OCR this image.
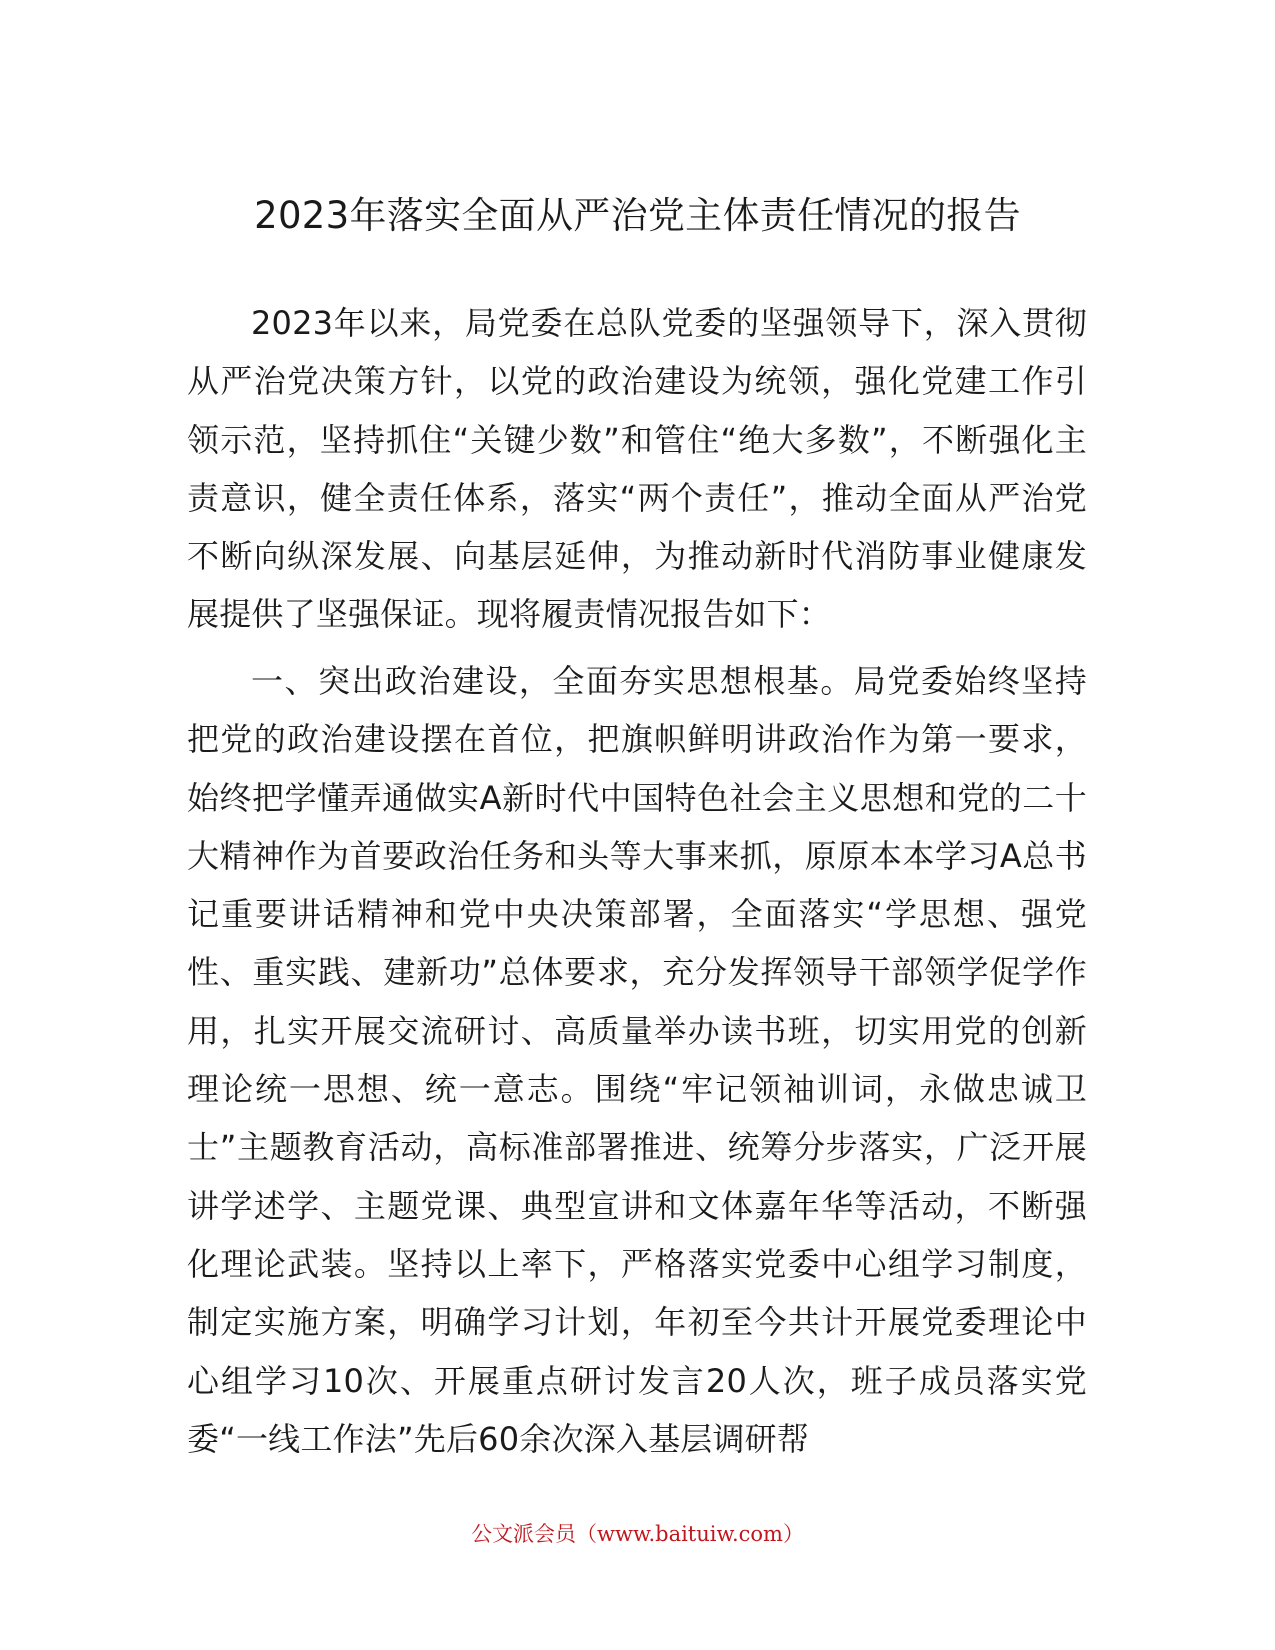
2023年落实全面从严治党主体责任情况的报告

2023年以来，局党委在总队党委的坚强领导下，深入贯彻从严治党决策方针，以党的政治建设为统领，强化党建工作引领示范，坚持抓住“关键少数”和管住“绝大多数”，不断强化主责意识，健全责任体系，落实“两个责任”，推动全面从严治党不断向纵深发展、向基层延伸，为推动新时代消防事业健康发展提供了坚强保证。现将履责情况报告如下：

一、突出政治建设，全面夯实思想根基。局党委始终坚持把党的政治建设摆在首位，把旗帜鲜明讲政治作为第一要求，始终把学懂弄通做实A新时代中国特色社会主义思想和党的二十大精神作为首要政治任务和头等大事来抓，原原本本学习A总书记重要讲话精神和党中央决策部署，全面落实“学思想、强党性、重实践、建新功”总体要求，充分发挥领导干部领学促学作用，扎实开展交流研讨、高质量举办读书班，切实用党的创新理论统一思想、统一意志。围绕“牢记领袖训词，永做忠诚卫士”主题教育活动，高标准部署推进、统筹分步落实，广泛开展讲学述学、主题党课、典型宣讲和文体嘉年华等活动，不断强化理论武装。坚持以上率下，严格落实党委中心组学习制度，制定实施方案，明确学习计划，年初至今共计开展党委理论中心组学习10次、开展重点研讨发言20人次，班子成员落实党委“一线工作法”先后60余次深入基层调研帮

公文派会员（www.baituiw.com）
